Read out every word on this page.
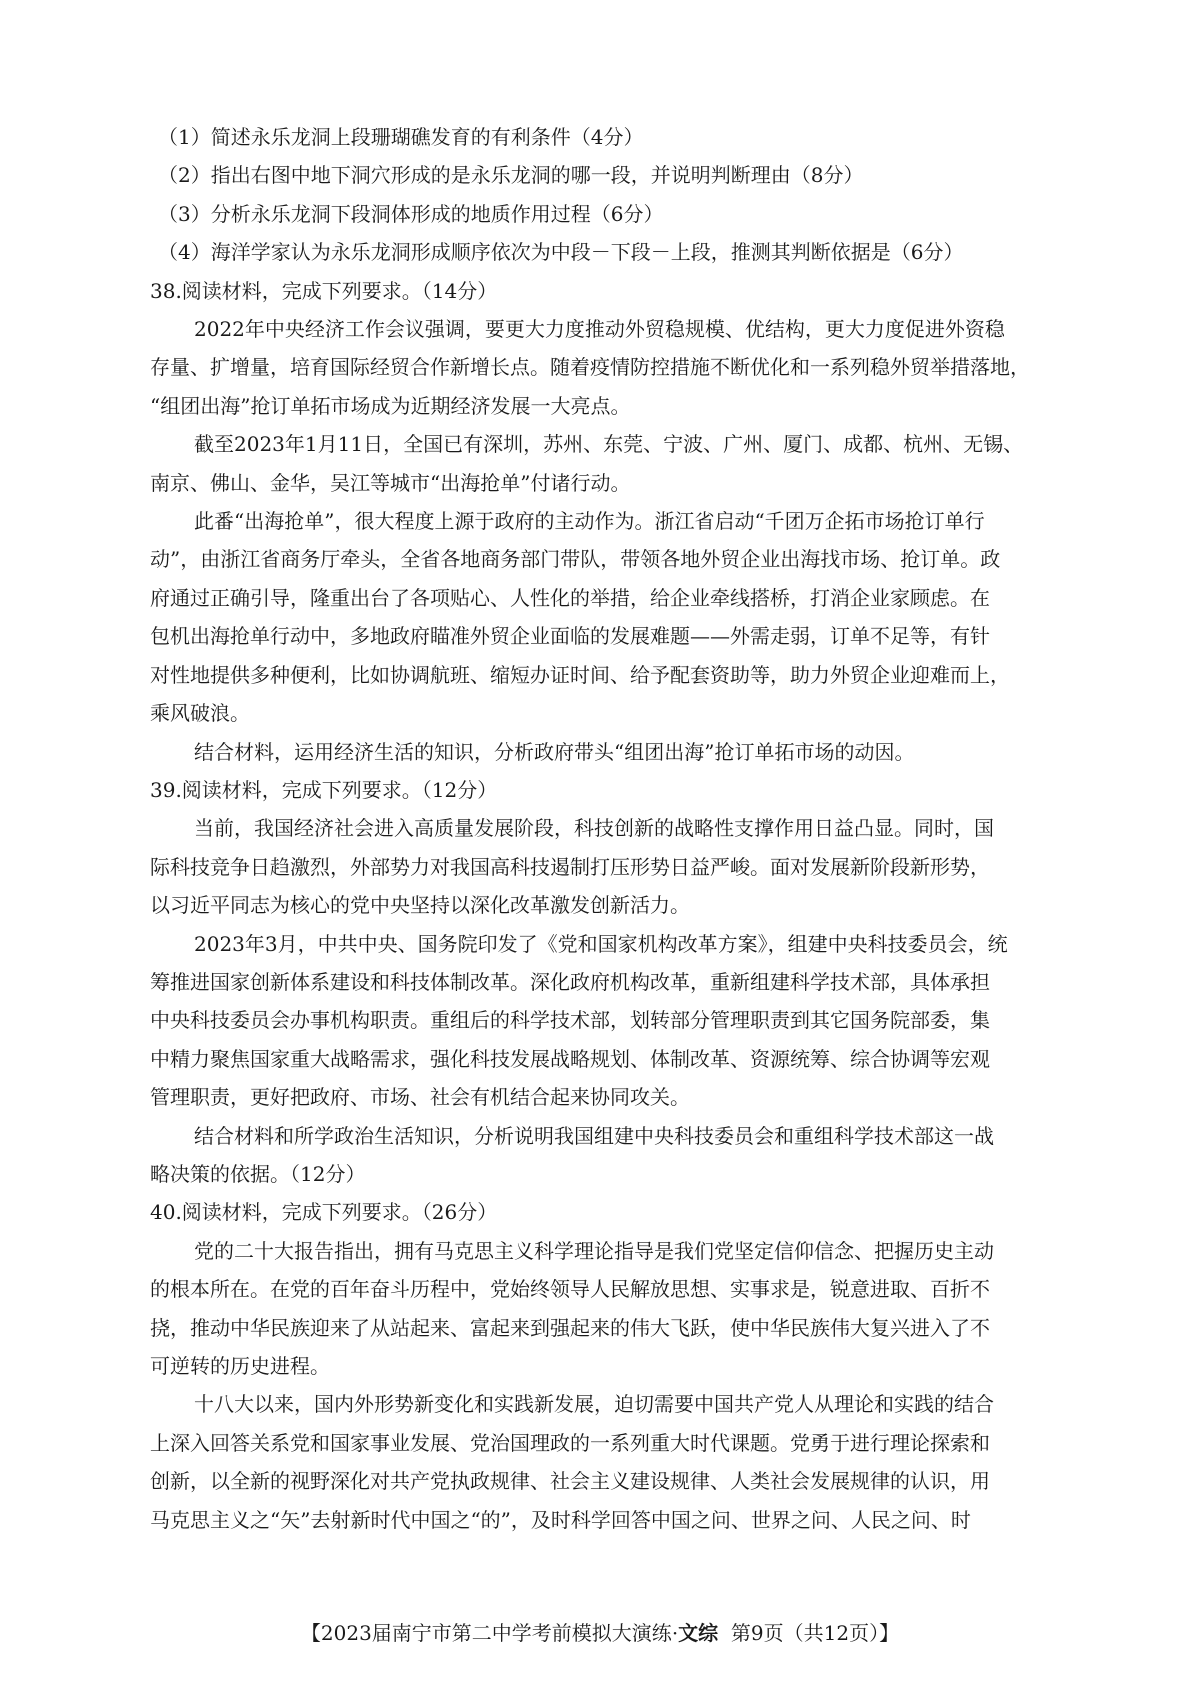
（1）简述永乐龙洞上段珊瑚礁发育的有利条件（4分）
（2）指出右图中地下洞穴形成的是永乐龙洞的哪一段，并说明判断理由（8分）
（3）分析永乐龙洞下段洞体形成的地质作用过程（6分）
（4）海洋学家认为永乐龙洞形成顺序依次为中段－下段－上段，推测其判断依据是（6分）
38.阅读材料，完成下列要求。（14分）
2022年中央经济工作会议强调，要更大力度推动外贸稳规模、优结构，更大力度促进外资稳
存量、扩增量，培育国际经贸合作新增长点。随着疫情防控措施不断优化和一系列稳外贸举措落地，
“组团出海”抢订单拓市场成为近期经济发展一大亮点。
截至2023年1月11日，全国已有深圳，苏州、东莞、宁波、广州、厦门、成都、杭州、无锡、
南京、佛山、金华，吴江等城市“出海抢单”付诸行动。
此番“出海抢单”，很大程度上源于政府的主动作为。浙江省启动“千团万企拓市场抢订单行
动”，由浙江省商务厅牵头，全省各地商务部门带队，带领各地外贸企业出海找市场、抢订单。政
府通过正确引导，隆重出台了各项贴心、人性化的举措，给企业牵线搭桥，打消企业家顾虑。在
包机出海抢单行动中，多地政府瞄准外贸企业面临的发展难题——外需走弱，订单不足等，有针
对性地提供多种便利，比如协调航班、缩短办证时间、给予配套资助等，助力外贸企业迎难而上，
乘风破浪。
结合材料，运用经济生活的知识，分析政府带头“组团出海”抢订单拓市场的动因。
39.阅读材料，完成下列要求。（12分）
当前，我国经济社会进入高质量发展阶段，科技创新的战略性支撑作用日益凸显。同时，国
际科技竞争日趋激烈，外部势力对我国高科技遏制打压形势日益严峻。面对发展新阶段新形势，
以习近平同志为核心的党中央坚持以深化改革激发创新活力。
2023年3月，中共中央、国务院印发了《党和国家机构改革方案》，组建中央科技委员会，统
筹推进国家创新体系建设和科技体制改革。深化政府机构改革，重新组建科学技术部，具体承担
中央科技委员会办事机构职责。重组后的科学技术部，划转部分管理职责到其它国务院部委，集
中精力聚焦国家重大战略需求，强化科技发展战略规划、体制改革、资源统筹、综合协调等宏观
管理职责，更好把政府、市场、社会有机结合起来协同攻关。
结合材料和所学政治生活知识，分析说明我国组建中央科技委员会和重组科学技术部这一战
略决策的依据。（12分）
40.阅读材料，完成下列要求。（26分）
党的二十大报告指出，拥有马克思主义科学理论指导是我们党坚定信仰信念、把握历史主动
的根本所在。在党的百年奋斗历程中，党始终领导人民解放思想、实事求是，锐意进取、百折不
挠，推动中华民族迎来了从站起来、富起来到强起来的伟大飞跃，使中华民族伟大复兴进入了不
可逆转的历史进程。
十八大以来，国内外形势新变化和实践新发展，迫切需要中国共产党人从理论和实践的结合
上深入回答关系党和国家事业发展、党治国理政的一系列重大时代课题。党勇于进行理论探索和
创新，以全新的视野深化对共产党执政规律、社会主义建设规律、人类社会发展规律的认识，用
马克思主义之“矢”去射新时代中国之“的”，及时科学回答中国之问、世界之问、人民之问、时
【2023届南宁市第二中学考前模拟大演练·文综 第9页（共12页）】
